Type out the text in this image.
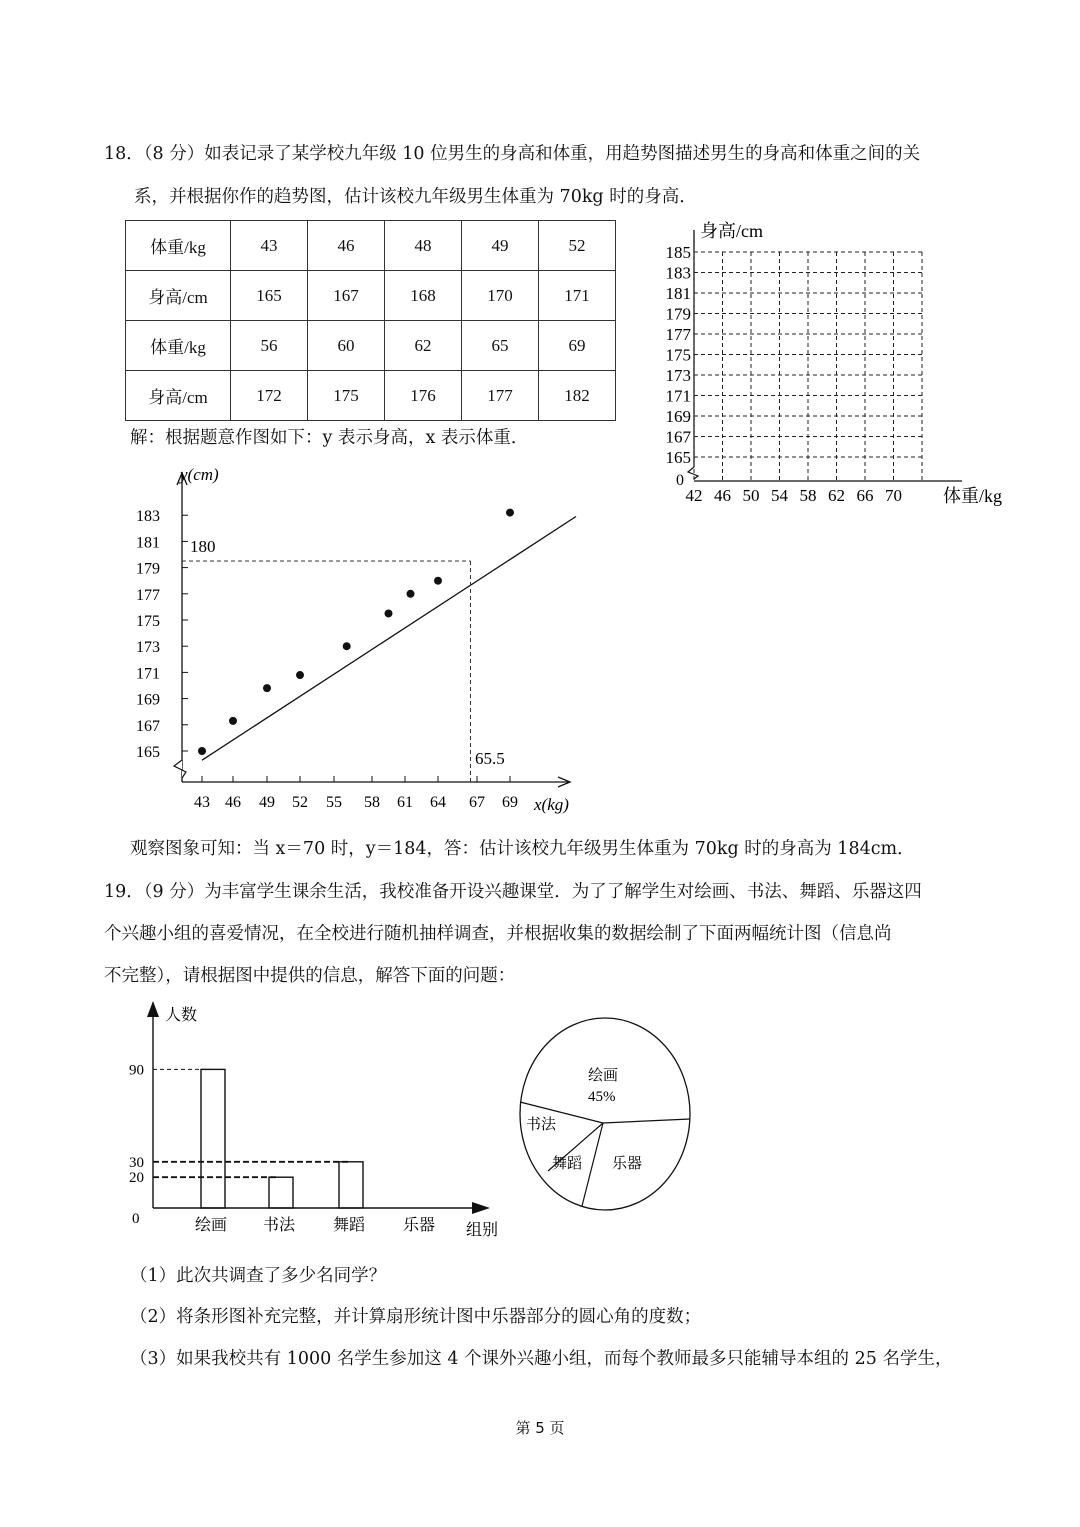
18．（8 分）如表记录了某学校九年级 10 位男生的身高和体重，用趋势图描述男生的身高和体重之间的关
系，并根据你作的趋势图，估计该校九年级男生体重为 70kg 时的身高．
体重/kg	43	46	48	49	52
身高/cm	165	167	168	170	171
体重/kg	56	60	62	65	69
身高/cm	172	175	176	177	182
185
183
181
179
177
175
173
171
169
167
165
42 46 50 54 58 62 66 70
身高/cm
体重/kg
0
解：根据题意作图如下：y 表示身高，x 表示体重．
165
167
169
171
173
175
177
179
181
183
43 46 49 52 55 58 61 64 67 69
y(cm)
x(kg)
180
65.5
观察图象可知：当 x＝70 时，y＝184，答：估计该校九年级男生体重为 70kg 时的身高为 184cm．
19．（9 分）为丰富学生课余生活，我校准备开设兴趣课堂．为了了解学生对绘画、书法、舞蹈、乐器这四
个兴趣小组的喜爱情况，在全校进行随机抽样调查，并根据收集的数据绘制了下面两幅统计图（信息尚
不完整），请根据图中提供的信息，解答下面的问题：
90
30
20
绘画 书法 舞蹈 乐器
人数
组别
0
绘画
45%
书法
舞蹈 乐器
（1）此次共调查了多少名同学？
（2）将条形图补充完整，并计算扇形统计图中乐器部分的圆心角的度数；
（3）如果我校共有 1000 名学生参加这 4 个课外兴趣小组，而每个教师最多只能辅导本组的 25 名学生，
第 5 页
